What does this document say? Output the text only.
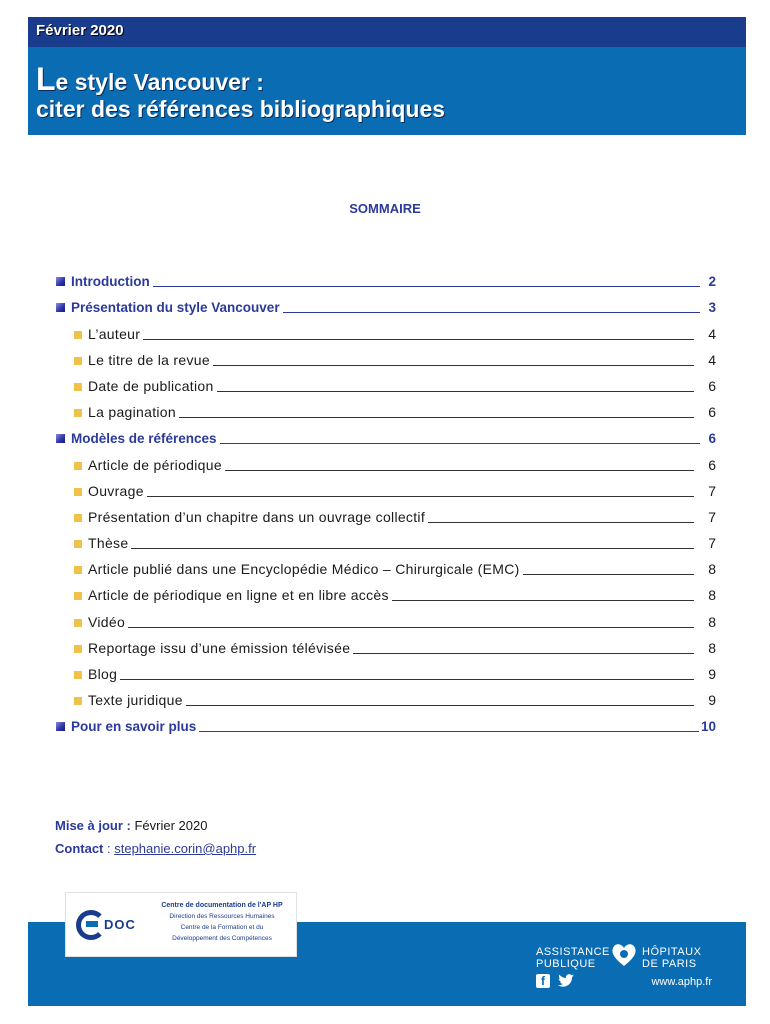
Février 2020
Le style Vancouver :
citer des références bibliographiques
SOMMAIRE
Introduction	2
Présentation du style Vancouver	3
L’auteur	4
Le titre de la revue	4
Date de publication	6
La pagination	6
Modèles de références	6
Article de périodique	6
Ouvrage	7
Présentation d’un chapitre dans un ouvrage collectif	7
Thèse	7
Article publié dans une Encyclopédie Médico – Chirurgicale (EMC)	8
Article de périodique en ligne et en libre accès	8
Vidéo	8
Reportage issu d’une émission télévisée	8
Blog	9
Texte juridique	9
Pour en savoir plus	10
Mise à jour : Février 2020
Contact : stephanie.corin@aphp.fr
DOC
Centre de documentation de l'AP HP
Direction des Ressources Humaines
Centre de la Formation et du
Développement des Compétences
ASSISTANCE
PUBLIQUE
HÔPITAUX
DE PARIS
f	www.aphp.fr
